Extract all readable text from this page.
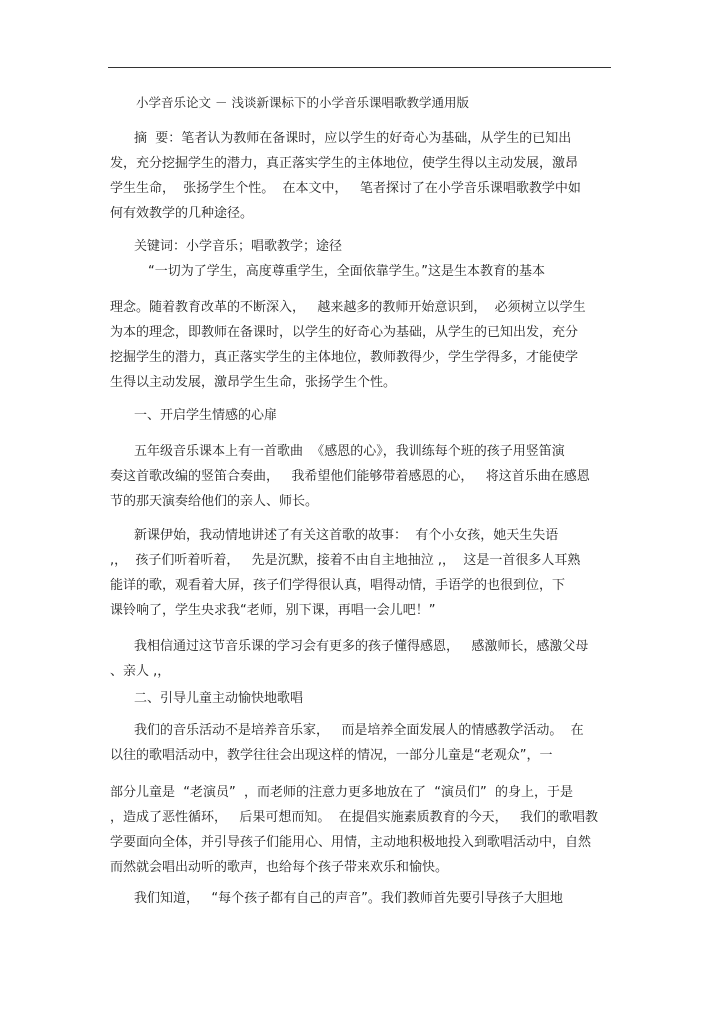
小学音乐论文 － 浅谈新课标下的小学音乐课唱歌教学通用版
摘  要：笔者认为教师在备课时，应以学生的好奇心为基础，从学生的已知出
发，充分挖掘学生的潜力，真正落实学生的主体地位，使学生得以主动发展，激昂
学生生命，  张扬学生个性。  在本文中，   笔者探讨了在小学音乐课唱歌教学中如
何有效教学的几种途径。
关键词：小学音乐；唱歌教学；途径
“一切为了学生，高度尊重学生，全面依靠学生。”这是生本教育的基本
理念。随着教育改革的不断深入，   越来越多的教师开始意识到，  必须树立以学生
为本的理念，即教师在备课时，以学生的好奇心为基础，从学生的已知出发，充分
挖掘学生的潜力，真正落实学生的主体地位，教师教得少，学生学得多，才能使学
生得以主动发展，激昂学生生命，张扬学生个性。
一、开启学生情感的心扉
五年级音乐课本上有一首歌曲  《感恩的心》，我训练每个班的孩子用竖笛演
奏这首歌改编的竖笛合奏曲，   我希望他们能够带着感恩的心，   将这首乐曲在感恩
节的那天演奏给他们的亲人、师长。
新课伊始，我动情地讲述了有关这首歌的故事：  有个小女孩，她天生失语
,，  孩子们听着听着，   先是沉默，接着不由自主地抽泣 ,，  这是一首很多人耳熟
能详的歌，观看着大屏，孩子们学得很认真，唱得动情，手语学的也很到位，下
课铃响了，学生央求我“老师，别下课，再唱一会儿吧！”
我相信通过这节音乐课的学习会有更多的孩子懂得感恩，   感激师长，感激父母
、亲人 ,，
二、引导儿童主动愉快地歌唱
我们的音乐活动不是培养音乐家，   而是培养全面发展人的情感教学活动。  在
以往的歌唱活动中，教学往往会出现这样的情况，一部分儿童是“老观众”，一
部分儿童是  “老演员”  ，而老师的注意力更多地放在了  “演员们”  的身上，于是
，造成了恶性循环，   后果可想而知。  在提倡实施素质教育的今天，   我们的歌唱教
学要面向全体，并引导孩子们能用心、用情，主动地积极地投入到歌唱活动中，自然
而然就会唱出动听的歌声，也给每个孩子带来欢乐和愉快。
我们知道，   “每个孩子都有自己的声音”。我们教师首先要引导孩子大胆地
